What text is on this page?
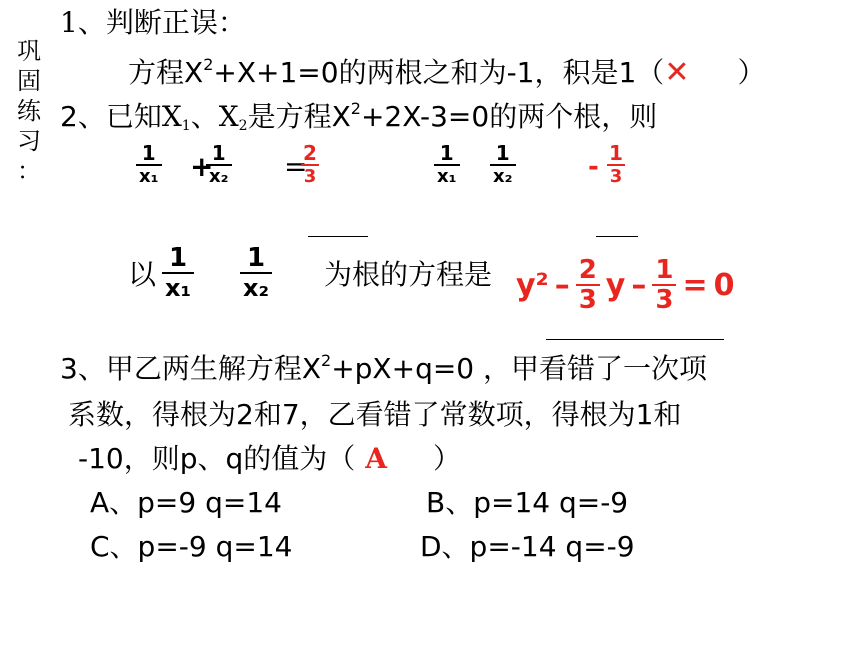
巩
固
练
习
：
1、判断正误：
方程$X^2+X+1=0$的两根之和为-1，积是1（✕ ）
2、已知$X_1$、$X_2$是方程$X^2+2X-3=0$的两个根，则
$\frac{1}{\text{x₁}}$ +
$\frac{1}{\text{x₂}}$ =
$\frac{2}{3}$	$\frac{1}{\text{x₁}} \frac{1}{\text{x₂}}$	- $\frac{1}{3}$
以 $\frac{1}{\text{x₁}} \frac{1}{\text{x₂}}$ 为根的方程是 $y^2 - \frac{2}{3}$ $y - \frac{1}{3} = 0$
3、甲乙两生解方程$X^2+pX+q=0$ ，甲看错了一次项
系数，得根为2和7，乙看错了常数项，得根为1和
-10，则p、q的值为（ A ）
A、p=9 q=14	B、p=14 q=-9
C、p=-9 q=14	D、p=-14 q=-9
